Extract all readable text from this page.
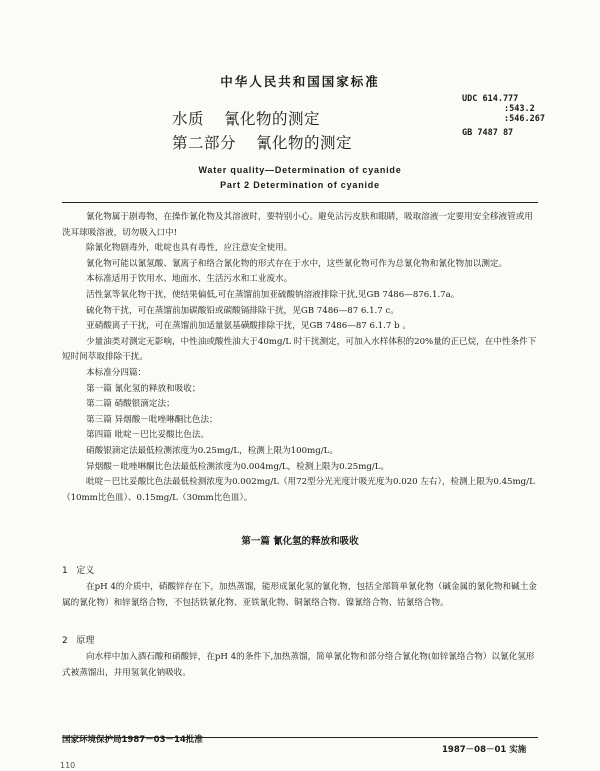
中华人民共和国国家标准
水质 氰化物的测定
第二部分 氰化物的测定
UDC 614.777
:543.2
:546.267
GB 7487 87
Water quality—Determination of cyanide
Part 2 Determination of cyanide

氰化物属于剧毒物，在操作氰化物及其溶液时，要特别小心。避免沾污皮肤和眼睛，吸取溶液一定要用安全移液管或用洗耳球吸溶液，切勿吸入口中!

除氰化物剧毒外，吡啶也具有毒性，应注意安全使用。

氰化物可能以氰氢酸、氰离子和络合氰化物的形式存在于水中，这些氰化物可作为总氰化物和氰化物加以测定。

本标准适用于饮用水、地面水、生活污水和工业废水。

活性氯等氧化物干扰，使结果偏低,可在蒸馏前加亚硫酸钠溶液排除干扰,见GB 7486—876.1.7a。

硫化物干扰，可在蒸馏前加碳酸铅或碳酸镉排除干扰，见GB 7486—87 6.1.7 c。

亚硝酸离子干扰，可在蒸馏前加适量氨基磺酸排除干扰，见GB 7486—87 6.1.7 b 。

少量油类对测定无影响，中性油或酸性油大于40mg/L 时干扰测定，可加入水样体积的20%量的正已烷，在中性条件下短时间萃取排除干扰。

本标准分四篇：

第一篇 氰化氢的释放和吸收；

第二篇 硝酸银滴定法；

第三篇 异烟酸－吡唑啉酮比色法；

第四篇 吡啶－巴比妥酸比色法。

硝酸银滴定法最低检测浓度为0.25mg/L，检测上限为100mg/L。

异烟酸－吡唑啉酮比色法最低检测浓度为0.004mg/L，检测上限为0.25mg/L。

吡啶－巴比妥酸比色法最低检测浓度为0.002mg/L（用72型分光光度计吸光度为0.020 左右），检测上限为0.45mg/L（10mm比色皿）、0.15mg/L（30mm比色皿）。

第一篇 氰化氢的释放和吸收
1 定义

在pH 4的介质中，硝酸锌存在下，加热蒸馏，能形成氰化氢的氰化物，包括全部简单氰化物（碱金属的氰化物和碱土金属的氰化物）和锌氰络合物，不包括铁氰化物、亚铁氰化物、铜氰络合物、镍氰络合物、钴氰络合物。

2 原理

向水样中加入酒石酸和硝酸锌，在pH 4的条件下,加热蒸馏，简单氰化物和部分络合氰化物(如锌氰络合物）以氰化氢形式被蒸馏出，并用氢氧化钠吸收。

国家环境保护局1987－03－14批准
1987－08－01 实施
110
